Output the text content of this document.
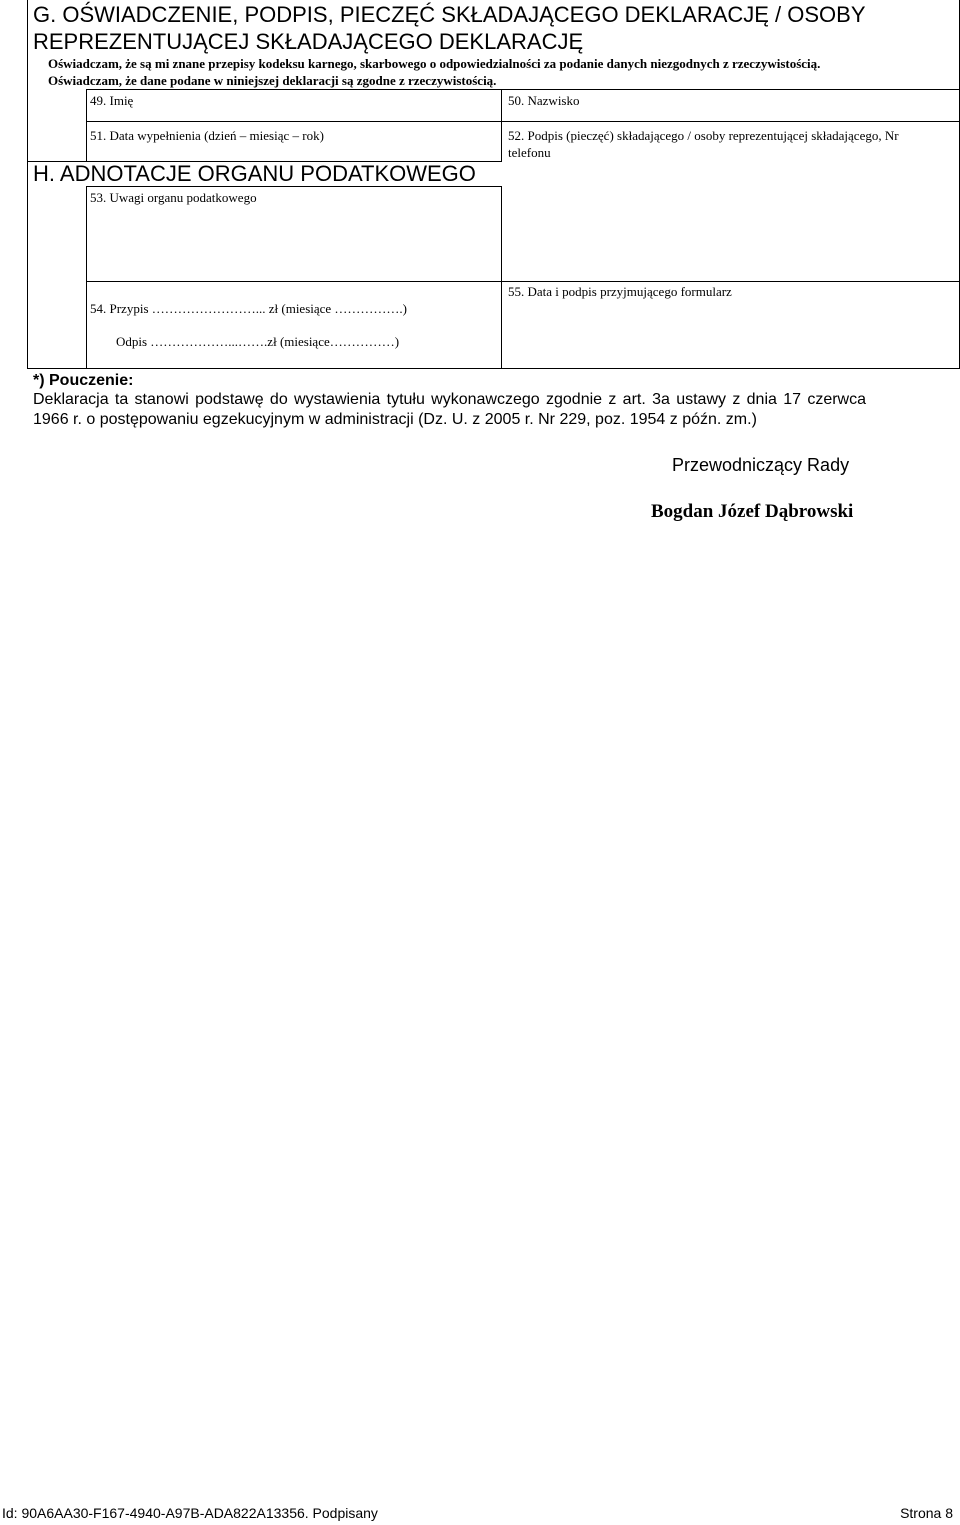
G. OŚWIADCZENIE, PODPIS, PIECZĘĆ SKŁADAJĄCEGO DEKLARACJĘ / OSOBY
REPREZENTUJĄCEJ SKŁADAJĄCEGO DEKLARACJĘ
Oświadczam, że są mi znane przepisy kodeksu karnego, skarbowego o odpowiedzialności za podanie danych niezgodnych z rzeczywistością.
Oświadczam, że dane podane w niniejszej deklaracji są zgodne z rzeczywistością.
49. Imię	50. Nazwisko
51. Data wypełnienia (dzień – miesiąc – rok)	52. Podpis (pieczęć) składającego / osoby reprezentującej składającego, Nr
telefonu
H. ADNOTACJE ORGANU PODATKOWEGO
53. Uwagi organu podatkowego
54. Przypis ……………………... zł (miesiące …………….)
Odpis ………………...…….zł (miesiące……………)
55. Data i podpis przyjmującego formularz
*) Pouczenie:
Deklaracja ta stanowi podstawę do wystawienia tytułu wykonawczego zgodnie z art. 3a ustawy z dnia 17 czerwca 1966 r. o postępowaniu egzekucyjnym w administracji (Dz. U. z 2005 r. Nr 229, poz. 1954 z późn. zm.)
Przewodniczący Rady
Bogdan Józef Dąbrowski
Id: 90A6AA30-F167-4940-A97B-ADA822A13356. Podpisany	Strona 8
